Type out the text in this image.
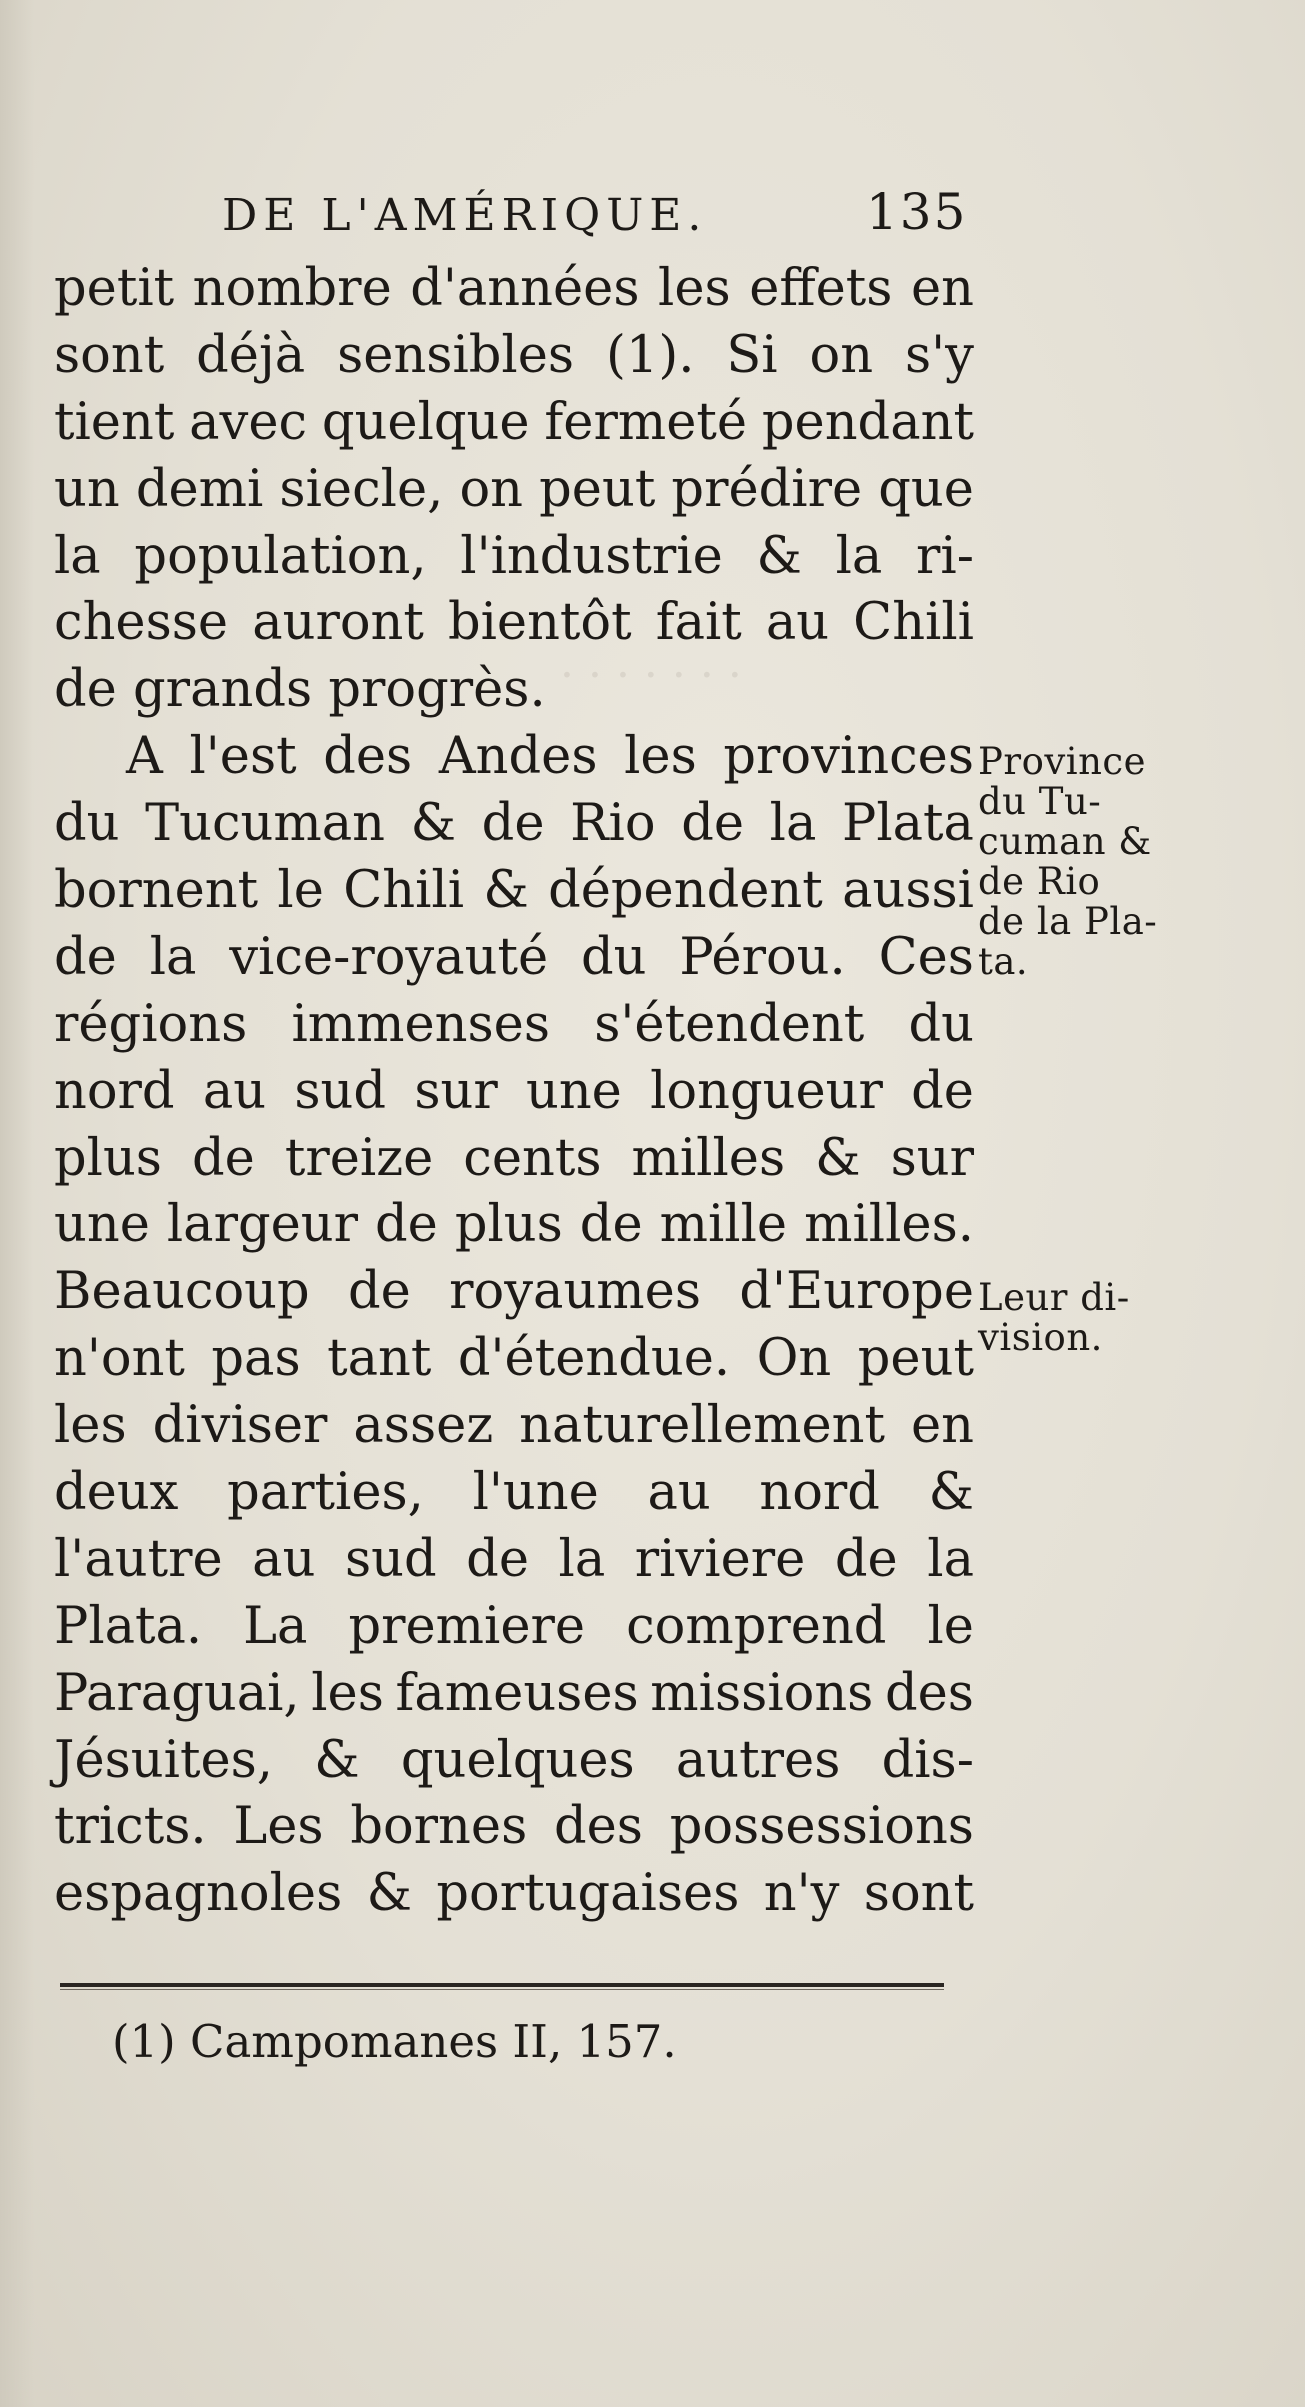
· · · · · · ·
DE L'AMÉRIQUE.	135
petit nombre d'années les effets en
sont déjà sensibles (1). Si on s'y
tient avec quelque fermeté pendant
un demi siecle, on peut prédire que
la population, l'industrie & la ri-
chesse auront bientôt fait au Chili
de grands progrès.
A l'est des Andes les provinces
du Tucuman & de Rio de la Plata
bornent le Chili & dépendent aussi
de la vice-royauté du Pérou. Ces
régions immenses s'étendent du
nord au sud sur une longueur de
plus de treize cents milles & sur
une largeur de plus de mille milles.
Beaucoup de royaumes d'Europe
n'ont pas tant d'étendue. On peut
les diviser assez naturellement en
deux parties, l'une au nord &
l'autre au sud de la riviere de la
Plata. La premiere comprend le
Paraguai, les fameuses missions des
Jésuites, & quelques autres dis-
tricts. Les bornes des possessions
espagnoles & portugaises n'y sont
Province
du Tu-
cuman &
de Rio
de la Pla-
ta.
Leur di-
vision.
(1) Campomanes II, 157.
